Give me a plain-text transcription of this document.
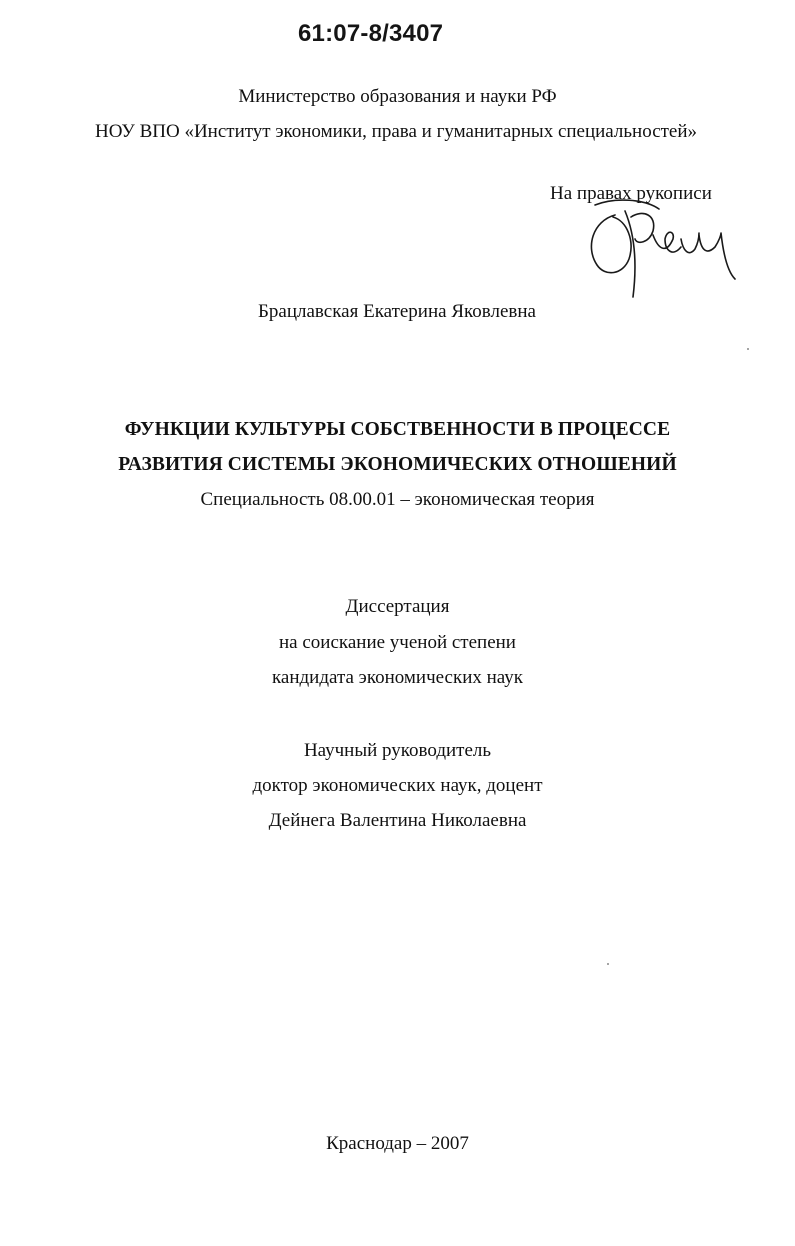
61:07-8/3407
Министерство образования и науки РФ
НОУ ВПО «Институт экономики, права и гуманитарных специальностей»
На правах рукописи
Брацлавская Екатерина Яковлевна
ФУНКЦИИ КУЛЬТУРЫ СОБСТВЕННОСТИ В ПРОЦЕССЕ
РАЗВИТИЯ СИСТЕМЫ ЭКОНОМИЧЕСКИХ ОТНОШЕНИЙ
Специальность 08.00.01 – экономическая теория
Диссертация
на соискание ученой степени
кандидата экономических наук
Научный руководитель
доктор экономических наук, доцент
Дейнега Валентина Николаевна
Краснодар – 2007
